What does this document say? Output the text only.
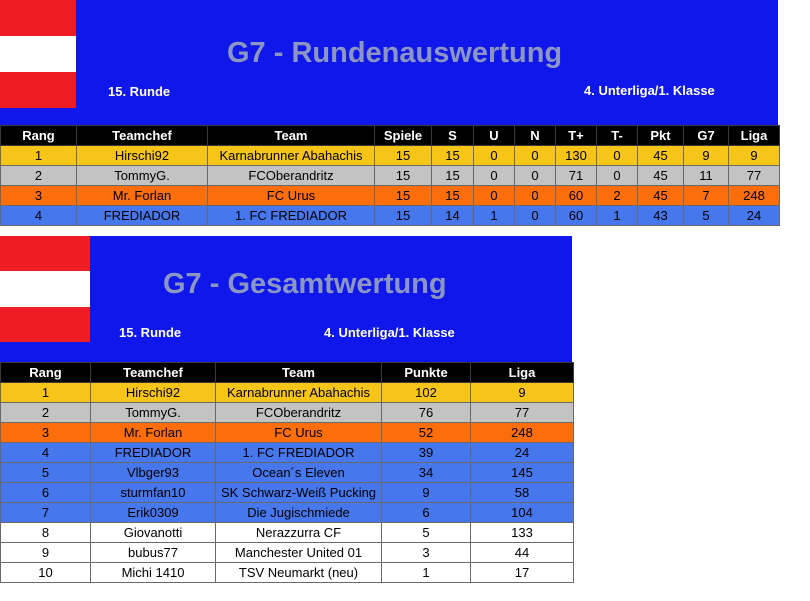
G7 - Rundenauswertung
15. Runde	4. Unterliga/1. Klasse
Rang	Teamchef	Team	Spiele	S	U	N	T+	T-	Pkt	G7	Liga
1	Hirschi92	Karnabrunner Abahachis	15	15	0	0	130	0	45	9	9
2	TommyG.	FCOberandritz	15	15	0	0	71	0	45	11	77
3	Mr. Forlan	FC Urus	15	15	0	0	60	2	45	7	248
4	FREDIADOR	1. FC FREDIADOR	15	14	1	0	60	1	43	5	24
G7 - Gesamtwertung
15. Runde	4. Unterliga/1. Klasse
Rang	Teamchef	Team	Punkte	Liga
1	Hirschi92	Karnabrunner Abahachis	102	9
2	TommyG.	FCOberandritz	76	77
3	Mr. Forlan	FC Urus	52	248
4	FREDIADOR	1. FC FREDIADOR	39	24
5	Vlbger93	Ocean´s Eleven	34	145
6	sturmfan10	SK Schwarz-Weiß Pucking	9	58
7	Erik0309	Die Jugischmiede	6	104
8	Giovanotti	Nerazzurra CF	5	133
9	bubus77	Manchester United 01	3	44
10	Michi 1410	TSV Neumarkt (neu)	1	17
